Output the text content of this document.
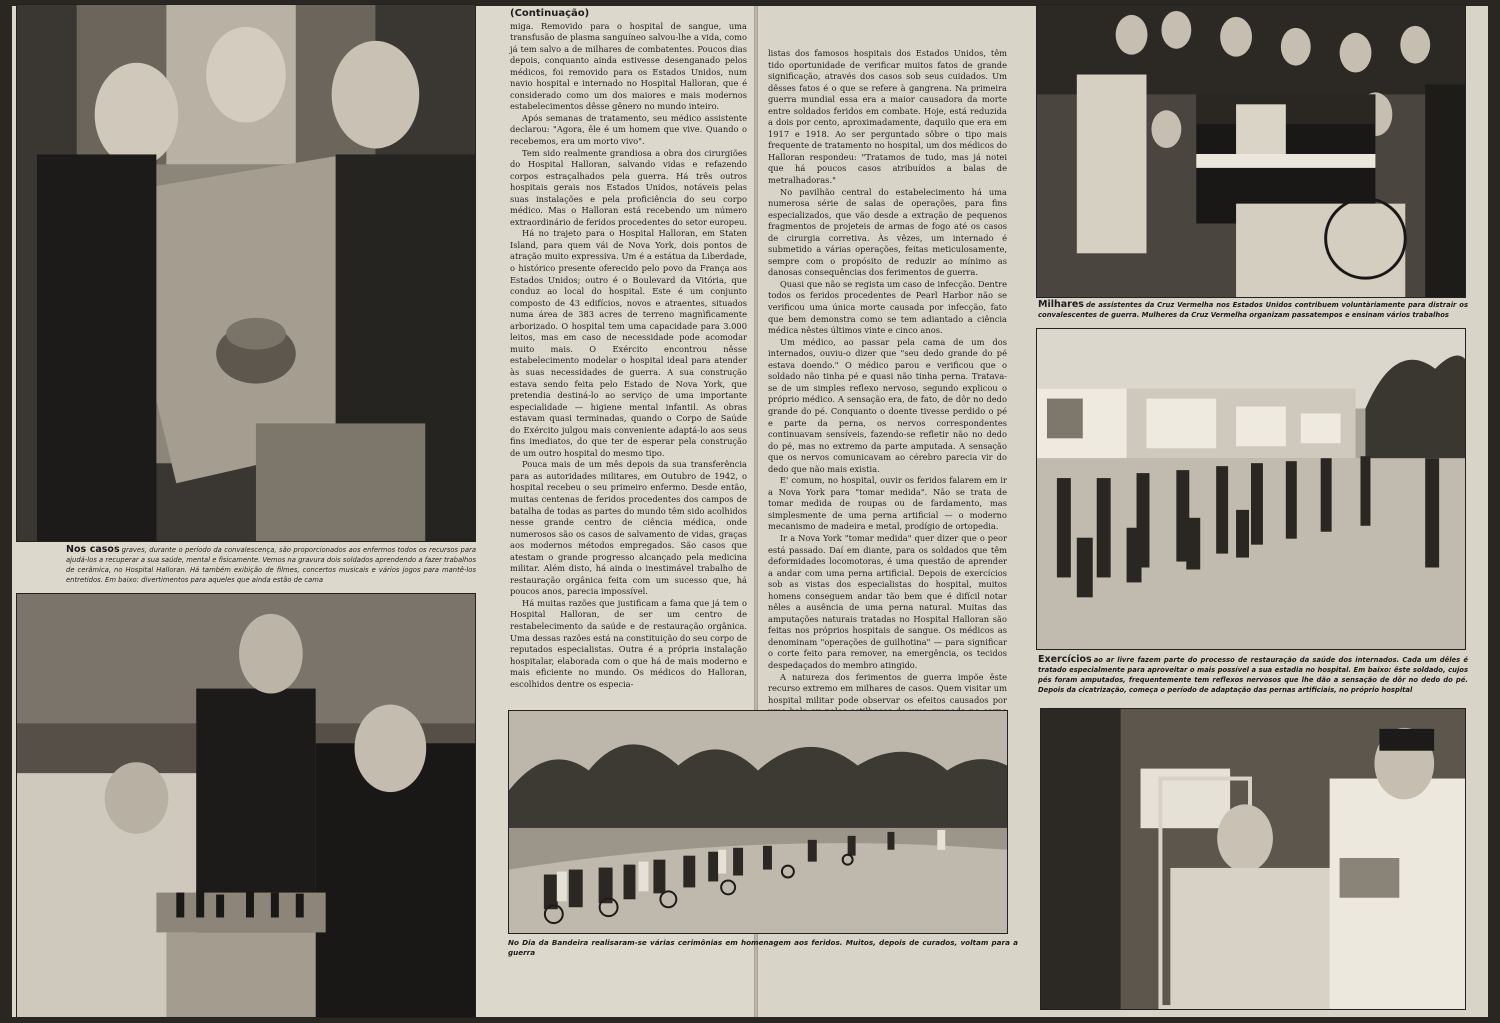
Nos casos graves, durante o período da convalescença, são proporcionados aos enfermos todos os recursos para ajudá-los a recuperar a sua saúde, mental e fìsicamente. Vemos na gravura dois soldados aprendendo a fazer trabalhos de cerâmica, no Hospital Halloran. Há também exibição de filmes, concertos musicais e vários jogos para mantê-los entretidos. Em baixo: divertimentos para aqueles que ainda estão de cama

(Continuação)
miga. Removido para o hospital de sangue, uma transfusão de plasma sanguíneo salvou-lhe a vida, como já tem salvo a de milhares de combatentes. Poucos dias depois, conquanto ainda estivesse desenganado pelos médicos, foi removido para os Estados Unidos, num navio hospital e internado no Hospital Halloran, que é considerado como um dos maiores e mais modernos estabelecimentos dêsse gênero no mundo inteiro.

Após semanas de tratamento, seu médico assistente declarou: "Agora, êle é um homem que vive. Quando o recebemos, era um morto vivo".

Tem sido realmente grandiosa a obra dos cirurgiões do Hospital Halloran, salvando vidas e refazendo corpos estraçalhados pela guerra. Há três outros hospitais gerais nos Estados Unidos, notáveis pelas suas instalações e pela proficiência do seu corpo médico. Mas o Halloran está recebendo um número extraordinário de feridos procedentes do setor europeu.

Há no trajeto para o Hospital Halloran, em Staten Island, para quem vái de Nova York, dois pontos de atração muito expressiva. Um é a estátua da Liberdade, o histórico presente oferecido pelo povo da França aos Estados Unidos; outro é o Boulevard da Vitória, que conduz ao local do hospital. Este é um conjunto composto de 43 edifícios, novos e atraentes, situados numa área de 383 acres de terreno magnìficamente arborizado. O hospital tem uma capacidade para 3.000 leitos, mas em caso de necessidade pode acomodar muito mais. O Exército encontrou nêsse estabelecimento modelar o hospital ideal para atender às suas necessidades de guerra. A sua construção estava sendo feita pelo Estado de Nova York, que pretendia destiná-lo ao serviço de uma importante especialidade — higiene mental infantil. As obras estavam quasi terminadas, quando o Corpo de Saúde do Exército julgou mais conveniente adaptá-lo aos seus fins imediatos, do que ter de esperar pela construção de um outro hospital do mesmo tipo.

Pouca mais de um mês depois da sua transferência para as autoridades militares, em Outubro de 1942, o hospital recebeu o seu primeiro enfermo. Desde então, muitas centenas de feridos procedentes dos campos de batalha de todas as partes do mundo têm sido acolhidos nesse grande centro de ciência médica, onde numerosos são os casos de salvamento de vidas, graças aos modernos métodos empregados. São casos que atestam o grande progresso alcançado pela medicina militar. Além disto, há ainda o inestimável trabalho de restauração orgânica feita com um sucesso que, há poucos anos, parecia impossível.

Há muitas razões que justificam a fama que já tem o Hospital Halloran, de ser um centro de restabelecimento da saúde e de restauração orgânica. Uma dessas razões está na constituição do seu corpo de reputados especialistas. Outra é a própria instalação hospitalar, elaborada com o que há de mais moderno e mais eficiente no mundo. Os médicos do Halloran, escolhidos dentre os especia-

listas dos famosos hospitais dos Estados Unidos, têm tido oportunidade de verificar muitos fatos de grande significação, através dos casos sob seus cuidados. Um dêsses fatos é o que se refere à gangrena. Na primeira guerra mundial essa era a maior causadora da morte entre soldados feridos em combate. Hoje, está reduzida a dois por cento, aproximadamente, daquilo que era em 1917 e 1918. Ao ser perguntado sôbre o tipo mais frequente de tratamento no hospital, um dos médicos do Halloran respondeu: "Tratamos de tudo, mas já notei que há poucos casos atribuídos a balas de metralhadoras."

No pavilhão central do estabelecimento há uma numerosa série de salas de operações, para fins especializados, que vão desde a extração de pequenos fragmentos de projeteis de armas de fogo até os casos de cirurgia corretiva. Às vêzes, um internado é submetido a várias operações, feitas meticulosamente, sempre com o propósito de reduzir ao mínimo as danosas consequências dos ferimentos de guerra.

Quasi que não se regista um caso de infecção. Dentre todos os feridos procedentes de Pearl Harbor não se verificou uma única morte causada por infecção, fato que bem demonstra como se tem adiantado a ciência médica nêstes últimos vinte e cinco anos.

Um médico, ao passar pela cama de um dos internados, ouviu-o dizer que "seu dedo grande do pé estava doendo." O médico parou e verificou que o soldado não tinha pé e quasi não tinha perna. Tratava-se de um simples reflexo nervoso, segundo explicou o próprio médico. A sensação era, de fato, de dôr no dedo grande do pé. Conquanto o doente tivesse perdido o pé e parte da perna, os nervos correspondentes continuavam sensíveis, fazendo-se refletir não no dedo do pé, mas no extremo da parte amputada. A sensação que os nervos comunicavam ao cérebro parecia vir do dedo que não mais existia.

E' comum, no hospital, ouvir os feridos falarem em ir a Nova York para "tomar medida". Não se trata de tomar medida de roupas ou de fardamento, mas simplesmente de uma perna artificial — o moderno mecanismo de madeira e metal, prodígio de ortopedia.

Ir a Nova York "tomar medida" quer dizer que o peor está passado. Daí em diante, para os soldados que têm deformidades locomotoras, é uma questão de aprender a andar com uma perna artificial. Depois de exercícios sob as vistas dos especialistas do hospital, muitos homens conseguem andar tão bem que é difícil notar nêles a ausência de uma perna natural. Muitas das amputações naturais tratadas no Hospital Halloran são feitas nos próprios hospitais de sangue. Os médicos as denominam "operações de guilhotina" — para significar o corte feito para remover, na emergência, os tecidos despedaçados do membro atingido.

A natureza dos ferimentos de guerra impõe êste recurso extremo em milhares de casos. Quem visitar um hospital militar pode observar os efeitos causados por

No Dia da Bandeira realisaram-se várias cerimônias em homenagem aos feridos. Muitos, depois de curados, voltam para a guerra
Milhares de assistentes da Cruz Vermelha nos Estados Unidos contribuem voluntàriamente para distrair os convalescentes de guerra. Mulheres da Cruz Vermelha organizam passatempos e ensinam vários trabalhos
Exercícios ao ar livre fazem parte do processo de restauração da saúde dos internados. Cada um dêles é tratado especialmente para aproveitar o mais possível a sua estadia no hospital. Em baixo: êste soldado, cujos pés foram amputados, frequentemente tem reflexos nervosos que lhe dão a sensação de dôr no dedo do pé. Depois da cicatrização, começa o período de adaptação das pernas artificiais, no próprio hospital
